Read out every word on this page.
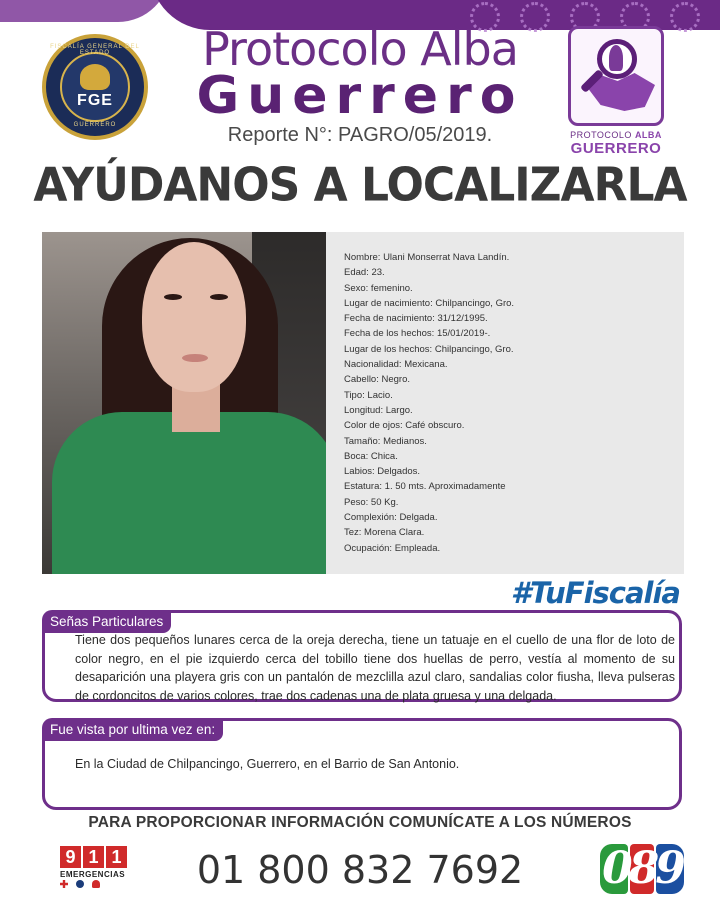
FISCALÍA GENERAL DEL ESTADO
FGE
GUERRERO
Protocolo Alba
Guerrero
Reporte N°: PAGRO/05/2019.	PROTOCOLO ALBA
GUERRERO
AYÚDANOS A LOCALIZARLA
Nombre: Ulani Monserrat Nava Landín.
Edad: 23.
Sexo: femenino.
Lugar de nacimiento: Chilpancingo, Gro.
Fecha de nacimiento: 31/12/1995.
Fecha de los hechos: 15/01/2019-.
Lugar de los hechos: Chilpancingo, Gro.
Nacionalidad: Mexicana.
Cabello: Negro.
Tipo: Lacio.
Longitud: Largo.
Color de ojos: Café obscuro.
Tamaño: Medianos.
Boca: Chica.
Labios: Delgados.
Estatura: 1. 50 mts. Aproximadamente
Peso: 50 Kg.
Complexión: Delgada.
Tez: Morena Clara.
Ocupación: Empleada.
#TuFiscalía
Señas Particulares
Tiene dos pequeños lunares cerca de la oreja derecha, tiene un tatuaje en el cuello de una flor de loto de color negro, en el pie izquierdo cerca del tobillo tiene dos huellas de perro, vestía al momento de su desaparición una playera gris con un pantalón de mezclilla azul claro, sandalias color fiusha, lleva pulseras de cordoncitos de varios colores, trae dos cadenas una de plata gruesa y una delgada.
Fue vista por ultima vez en:
En la Ciudad de Chilpancingo, Guerrero, en el Barrio de San Antonio.
PARA PROPORCIONAR INFORMACIÓN COMUNÍCATE A LOS NÚMEROS
9 1 1
EMERGENCIAS	01 800 832 7692	089
